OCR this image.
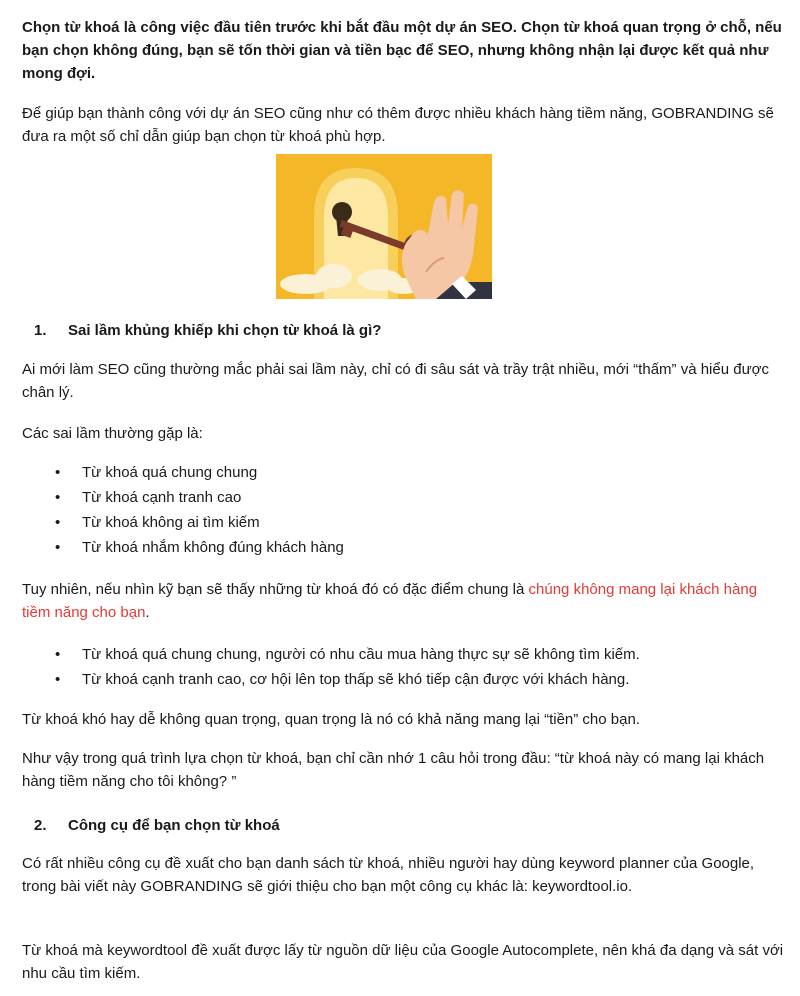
Chọn từ khoá là công việc đầu tiên trước khi bắt đầu một dự án SEO. Chọn từ khoá quan trọng ở chỗ, nếu bạn chọn không đúng, bạn sẽ tốn thời gian và tiền bạc để SEO, nhưng không nhận lại được kết quả như mong đợi.

Để giúp bạn thành công với dự án SEO cũng như có thêm được nhiều khách hàng tiềm năng, GOBRANDING sẽ đưa ra một số chỉ dẫn giúp bạn chọn từ khoá phù hợp.

1. Sai lầm khủng khiếp khi chọn từ khoá là gì?

Ai mới làm SEO cũng thường mắc phải sai lầm này, chỉ có đi sâu sát và trầy trật nhiều, mới “thấm” và hiểu được chân lý.

Các sai lầm thường gặp là:

• Từ khoá quá chung chung
• Từ khoá cạnh tranh cao
• Từ khoá không ai tìm kiếm
• Từ khoá nhắm không đúng khách hàng

Tuy nhiên, nếu nhìn kỹ bạn sẽ thấy những từ khoá đó có đặc điểm chung là chúng không mang lại khách hàng tiềm năng cho bạn.

• Từ khoá quá chung chung, người có nhu cầu mua hàng thực sự sẽ không tìm kiếm.
• Từ khoá cạnh tranh cao, cơ hội lên top thấp sẽ khó tiếp cận được với khách hàng.

Từ khoá khó hay dễ không quan trọng, quan trọng là nó có khả năng mang lại “tiền” cho bạn.

Như vậy trong quá trình lựa chọn từ khoá, bạn chỉ cần nhớ 1 câu hỏi trong đầu: “từ khoá này có mang lại khách hàng tiềm năng cho tôi không? ”

2. Công cụ để bạn chọn từ khoá

Có rất nhiều công cụ đề xuất cho bạn danh sách từ khoá, nhiều người hay dùng keyword planner của Google, trong bài viết này GOBRANDING sẽ giới thiệu cho bạn một công cụ khác là: keywordtool.io.

Từ khoá mà keywordtool đề xuất được lấy từ nguồn dữ liệu của Google Autocomplete, nên khá đa dạng và sát với nhu cầu tìm kiếm.
